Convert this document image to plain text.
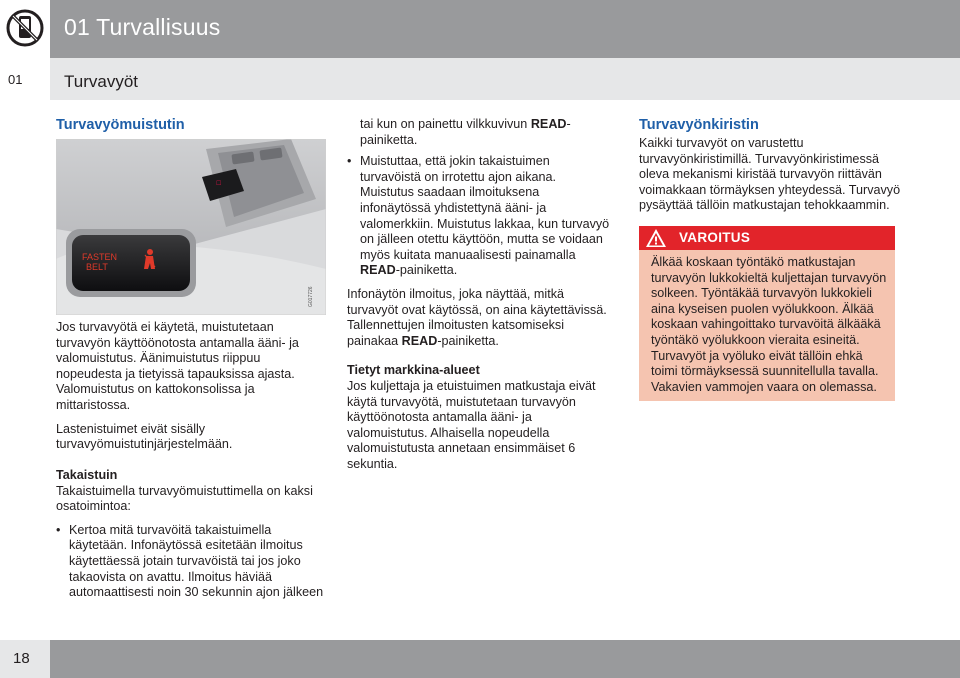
01 Turvallisuus
01 Turvavyöt
Turvavyömuistutin
☐
FASTEN
BELT
G017726

Jos turvavyötä ei käytetä, muistutetaan turvavyön käyttöönotosta antamalla ääni- ja valomuistutus. Äänimuistutus riippuu nopeudesta ja tietyissä tapauksissa ajasta. Valomuistutus on kattokonsolissa ja mittaristossa.

Lastenistuimet eivät sisälly turvavyömuistutinjärjestelmään.

Takaistuin

Takaistuimella turvavyömuistuttimella on kaksi osatoimintoa:

• Kertoa mitä turvavöitä takaistuimella käytetään. Infonäytössä esitetään ilmoitus käytettäessä jotain turvavöistä tai jos joko takaovista on avattu. Ilmoitus häviää automaattisesti noin 30 sekunnin ajon jälkeen

tai kun on painettu vilkkuvivun READ-painiketta.

• Muistuttaa, että jokin takaistuimen turvavöistä on irrotettu ajon aikana. Muistutus saadaan ilmoituksena infonäytössä yhdistettynä ääni- ja valomerkkiin. Muistutus lakkaa, kun turvavyö on jälleen otettu käyttöön, mutta se voidaan myös kuitata manuaalisesti painamalla READ-painiketta.

Infonäytön ilmoitus, joka näyttää, mitkä turvavyöt ovat käytössä, on aina käytettävissä. Tallennettujen ilmoitusten katsomiseksi painakaa READ-painiketta.

Tietyt markkina-alueet

Jos kuljettaja ja etuistuimen matkustaja eivät käytä turvavyötä, muistutetaan turvavyön käyttöönotosta antamalla ääni- ja valomuistutus. Alhaisella nopeudella valomuistutusta annetaan ensimmäiset 6 sekuntia.

Turvavyönkiristin

Kaikki turvavyöt on varustettu turvavyönkiristimillä. Turvavyönkiristimessä oleva mekanismi kiristää turvavyön riittävän voimakkaan törmäyksen yhteydessä. Turvavyö pysäyttää tällöin matkustajan tehokkaammin.

VAROITUS
Älkää koskaan työntäkö matkustajan turvavyön lukkokieltä kuljettajan turvavyön solkeen. Työntäkää turvavyön lukkokieli aina kyseisen puolen vyölukkoon. Älkää koskaan vahingoittako turvavöitä älkääkä työntäkö vyölukkoon vieraita esineitä. Turvavyöt ja vyöluko eivät tällöin ehkä toimi törmäyksessä suunnitellulla tavalla. Vakavien vammojen vaara on olemassa.
18
